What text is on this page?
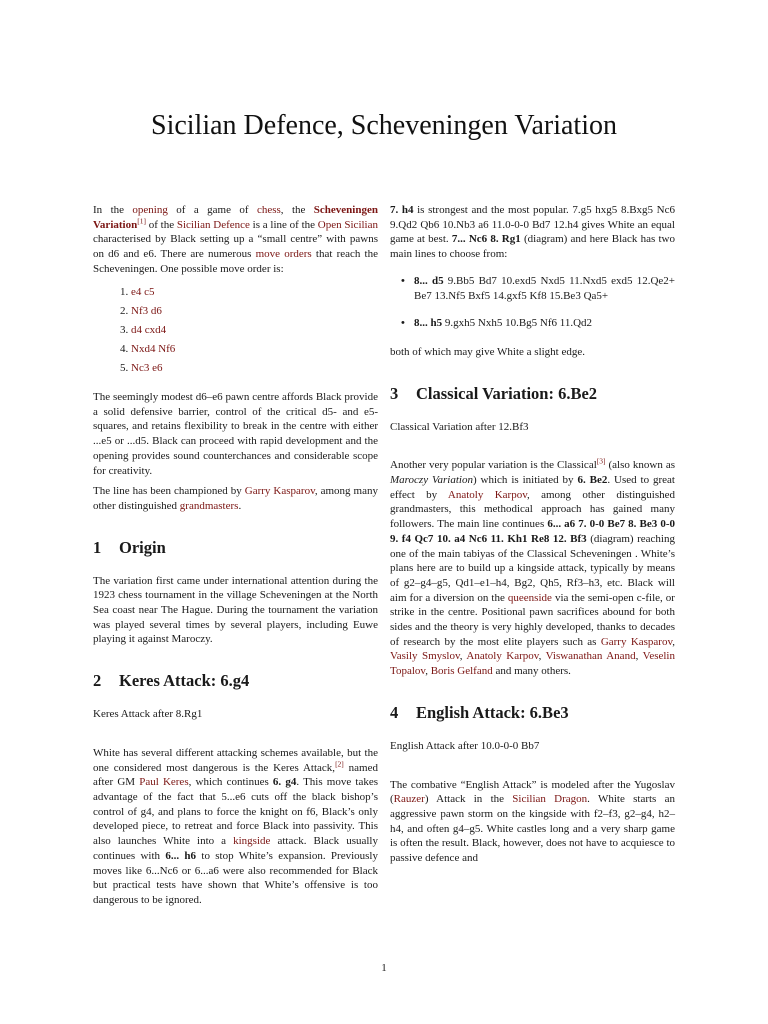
Sicilian Defence, Scheveningen Variation

In the opening of a game of chess, the Scheveningen Variation[1] of the Sicilian Defence is a line of the Open Sicilian characterised by Black setting up a “small centre” with pawns on d6 and e6. There are numerous move orders that reach the Scheveningen. One possible move order is:

1. e4 c5
2. Nf3 d6
3. d4 cxd4
4. Nxd4 Nf6
5. Nc3 e6

The seemingly modest d6–e6 pawn centre affords Black provide a solid defensive barrier, control of the critical d5- and e5-squares, and retains flexibility to break in the centre with either ...e5 or ...d5. Black can proceed with rapid development and the opening provides sound counterchances and considerable scope for creativity.

The line has been championed by Garry Kasparov, among many other distinguished grandmasters.

1 Origin

The variation first came under international attention during the 1923 chess tournament in the village Scheveningen at the North Sea coast near The Hague. During the tournament the variation was played several times by several players, including Euwe playing it against Maroczy.

2 Keres Attack: 6.g4

Keres Attack after 8.Rg1

White has several different attacking schemes available, but the one considered most dangerous is the Keres Attack,[2] named after GM Paul Keres, which continues 6. g4. This move takes advantage of the fact that 5...e6 cuts off the black bishop’s control of g4, and plans to force the knight on f6, Black’s only developed piece, to retreat and force Black into passivity. This also launches White into a kingside attack. Black usually continues with 6... h6 to stop White’s expansion. Previously moves like 6...Nc6 or 6...a6 were also recommended for Black but practical tests have shown that White’s offensive is too dangerous to be ignored.

7. h4 is strongest and the most popular. 7.g5 hxg5 8.Bxg5 Nc6 9.Qd2 Qb6 10.Nb3 a6 11.0-0-0 Bd7 12.h4 gives White an equal game at best. 7... Nc6 8. Rg1 (diagram) and here Black has two main lines to choose from:

• 8... d5 9.Bb5 Bd7 10.exd5 Nxd5 11.Nxd5 exd5 12.Qe2+ Be7 13.Nf5 Bxf5 14.gxf5 Kf8 15.Be3 Qa5+
• 8... h5 9.gxh5 Nxh5 10.Bg5 Nf6 11.Qd2

both of which may give White a slight edge.

3 Classical Variation: 6.Be2

Classical Variation after 12.Bf3

Another very popular variation is the Classical[3] (also known as Maroczy Variation) which is initiated by 6. Be2. Used to great effect by Anatoly Karpov, among other distinguished grandmasters, this methodical approach has gained many followers. The main line continues 6... a6 7. 0-0 Be7 8. Be3 0-0 9. f4 Qc7 10. a4 Nc6 11. Kh1 Re8 12. Bf3 (diagram) reaching one of the main tabiyas of the Classical Scheveningen . White’s plans here are to build up a kingside attack, typically by means of g2–g4–g5, Qd1–e1–h4, Bg2, Qh5, Rf3–h3, etc. Black will aim for a diversion on the queenside via the semi-open c-file, or strike in the centre. Positional pawn sacrifices abound for both sides and the theory is very highly developed, thanks to decades of research by the most elite players such as Garry Kasparov, Vasily Smyslov, Anatoly Karpov, Viswanathan Anand, Veselin Topalov, Boris Gelfand and many others.

4 English Attack: 6.Be3

English Attack after 10.0-0-0 Bb7

The combative “English Attack” is modeled after the Yugoslav (Rauzer) Attack in the Sicilian Dragon. White starts an aggressive pawn storm on the kingside with f2–f3, g2–g4, h2–h4, and often g4–g5. White castles long and a very sharp game is often the result. Black, however, does not have to acquiesce to passive defence and

1
